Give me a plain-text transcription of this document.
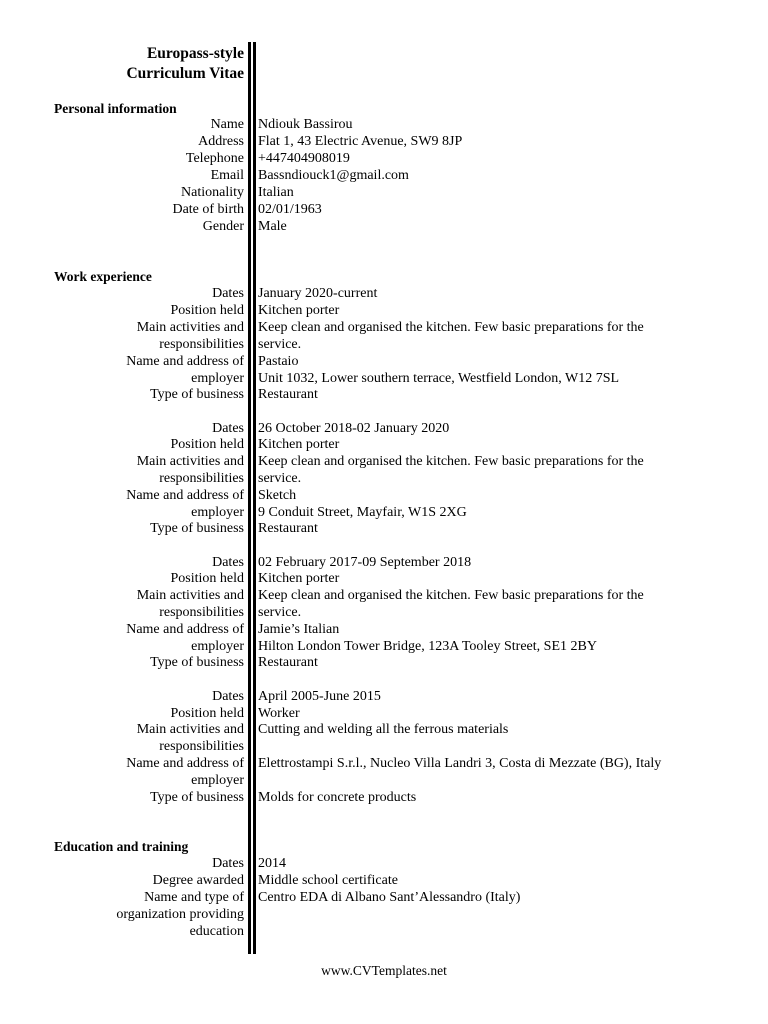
Europass-style
Curriculum Vitae
Personal information
Name Ndiouk Bassirou
Address Flat 1, 43 Electric Avenue, SW9 8JP
Telephone +447404908019
Email Bassndiouck1@gmail.com
Nationality Italian
Date of birth 02/01/1963
Gender Male
Work experience
Dates January 2020-current
Position held Kitchen porter
Main activities and Keep clean and organised the kitchen. Few basic preparations for the
responsibilities service.
Name and address of Pastaio
employer Unit 1032, Lower southern terrace, Westfield London, W12 7SL
Type of business Restaurant
Dates 26 October 2018-02 January 2020
Position held Kitchen porter
Main activities and Keep clean and organised the kitchen. Few basic preparations for the
responsibilities service.
Name and address of Sketch
employer 9 Conduit Street, Mayfair, W1S 2XG
Type of business Restaurant
Dates 02 February 2017-09 September 2018
Position held Kitchen porter
Main activities and Keep clean and organised the kitchen. Few basic preparations for the
responsibilities service.
Name and address of Jamie’s Italian
employer Hilton London Tower Bridge, 123A Tooley Street, SE1 2BY
Type of business Restaurant
Dates April 2005-June 2015
Position held Worker
Main activities and Cutting and welding all the ferrous materials
responsibilities
Name and address of Elettrostampi S.r.l., Nucleo Villa Landri 3, Costa di Mezzate (BG), Italy
employer
Type of business Molds for concrete products
Education and training
Dates 2014
Degree awarded Middle school certificate
Name and type of Centro EDA di Albano Sant’Alessandro (Italy)
organization providing
education
www.CVTemplates.net
